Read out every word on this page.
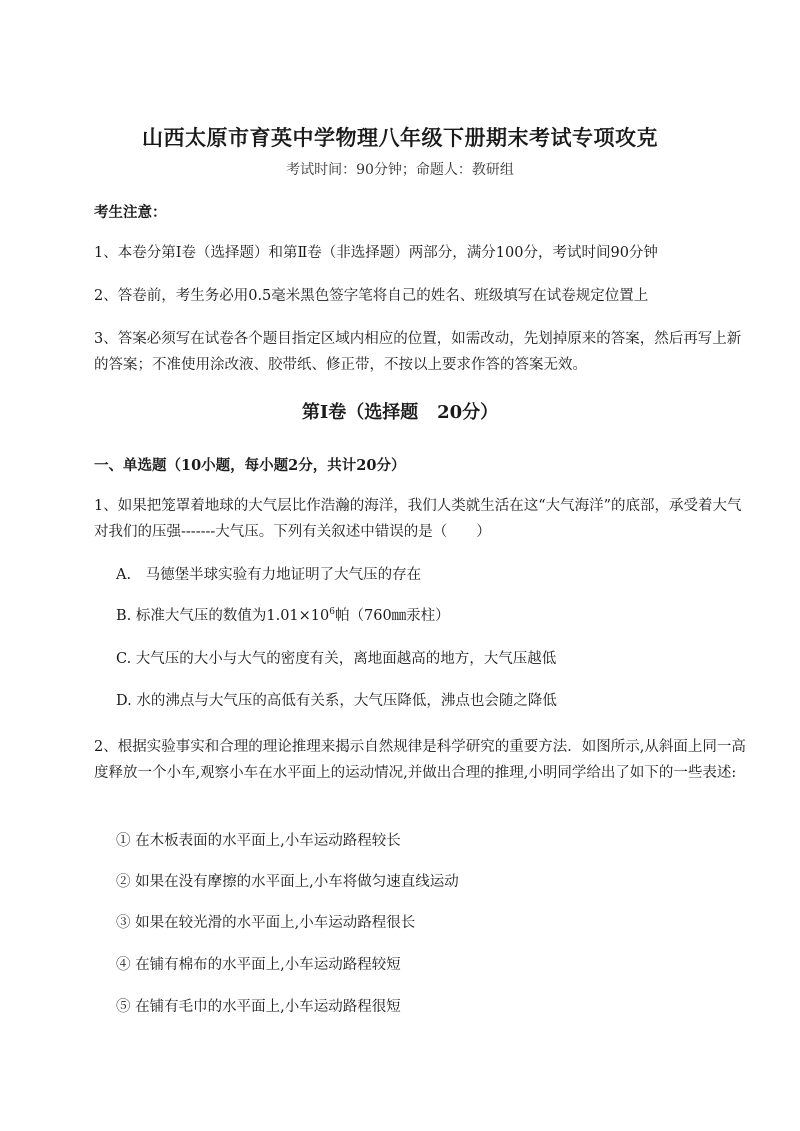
山西太原市育英中学物理八年级下册期末考试专项攻克
考试时间：90分钟；命题人：教研组
考生注意：
1、本卷分第I卷（选择题）和第Ⅱ卷（非选择题）两部分，满分100分，考试时间90分钟
2、答卷前，考生务必用0.5毫米黑色签字笔将自己的姓名、班级填写在试卷规定位置上
3、答案必须写在试卷各个题目指定区域内相应的位置，如需改动，先划掉原来的答案，然后再写上新的答案；不准使用涂改液、胶带纸、修正带，不按以上要求作答的答案无效。
第I卷（选择题   20分）
一、单选题（10小题，每小题2分，共计20分）
1、如果把笼罩着地球的大气层比作浩瀚的海洋，我们人类就生活在这“大气海洋”的底部，承受着大气对我们的压强-------大气压。下列有关叙述中错误的是（　　）
A.　马德堡半球实验有力地证明了大气压的存在
B. 标准大气压的数值为$1.01\times 10^6$帕（760㎜汞柱）
C. 大气压的大小与大气的密度有关，离地面越高的地方，大气压越低
D. 水的沸点与大气压的高低有关系，大气压降低，沸点也会随之降低
2、根据实验事实和合理的理论推理来揭示自然规律是科学研究的重要方法．如图所示,从斜面上同一高度释放一个小车,观察小车在水平面上的运动情况,并做出合理的推理,小明同学给出了如下的一些表述:
① 在木板表面的水平面上,小车运动路程较长
② 如果在没有摩擦的水平面上,小车将做匀速直线运动
③ 如果在较光滑的水平面上,小车运动路程很长
④ 在铺有棉布的水平面上,小车运动路程较短
⑤ 在铺有毛巾的水平面上,小车运动路程很短
